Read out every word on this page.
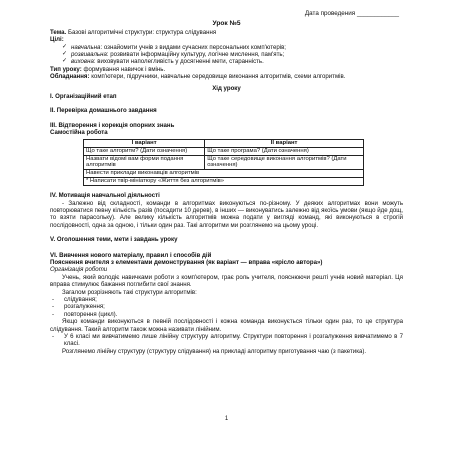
Дата проведения ____________
Урок №5

Тема. Базові алгоритмічні структури: структура слідування

Цілі:

✓ навчальна: ознайомити учнів з видами сучасних персональних комп'ютерів;
✓ розвивальна: розвивати інформаційну культуру, логічне мислення, пам'ять;
✓ виховна: виховувати наполегливість у досягненні мети, старанність.

Тип уроку: формування навичок і вмінь.

Обладнання: комп'ютери, підручники, навчальне середовище виконання алгоритмів, схеми алгоритмів.

Хід уроку

І. Організаційний етап

ІІ. Перевірка домашнього завдання

ІІІ. Відтворення і корекція опорних знань

Самостійна робота

І варіант	ІІ варіант
Що таке алгоритм? (Дати означення)	Що таке програма? (Дати означення)
Назвати відомі вам форми подання алгоритмів	Що таке середовище виконання алгоритмів? (Дати означення)
Навести приклади виконавців алгоритмів	
* Написати твір-мініатюру «Життя без алгоритмів»	

IV. Мотивація навчальної діяльності

- Залежно від складності, команди в алгоритмах виконуються по-різному. У деяких алгоритмах вони можуть повторюватися певну кількість разів (посадити 10 дерев), в інших — виконуватись залежно від якоїсь умови (якщо йде дощ, то взяти парасольку). Але велику кількість алгоритмів можна подати у вигляді команд, які виконуються в строгій послідовності, одна за одною, і тільки один раз. Такі алгоритми ми розглянемо на цьому уроці.

V. Оголошення теми, мети і завдань уроку

VI. Вивчення нового матеріалу, правил і способів дій

Пояснення вчителя з елементами демонстрування (як варіант — вправа «крісло автора»)

Організація роботи

Учень, який володіє навичками роботи з комп'ютером, грає роль учителя, пояснюючи решті учнів новий матеріал. Ця вправа стимулює бажання поглибити свої знання.

Загалом розрізняють такі структури алгоритмів:

-	слідування;
-	розгалуження;
-	повторення (цикл).

Якщо команди виконуються в певній послідовності і кожна команда виконується тільки один раз, то це структура слідування. Такий алгоритм також можна називати лінійним.

-	У 6 класі ми вивчатимемо лише лінійну структуру алгоритму. Структури повторення і розгалуження вивчатимемо в 7 класі.

Розглянемо лінійну структуру (структуру слідування) на прикладі алгоритму приготування чаю (з пакетика).

1
